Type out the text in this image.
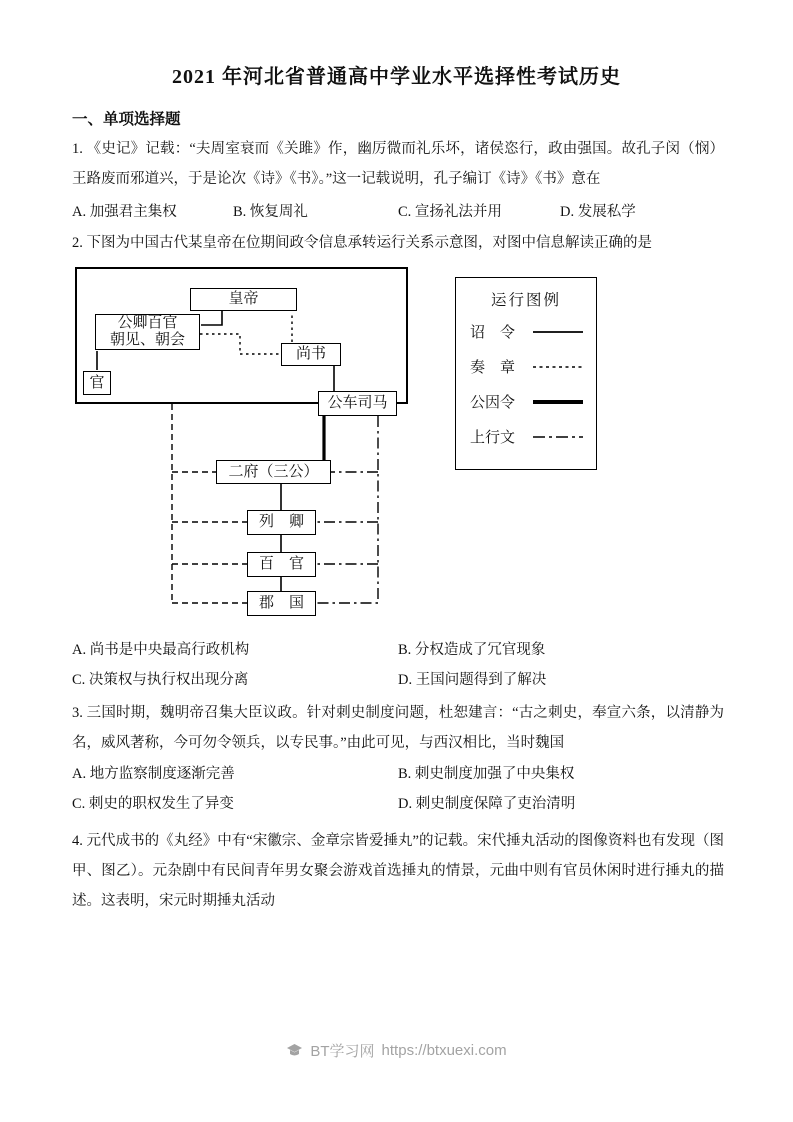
2021 年河北省普通高中学业水平选择性考试历史
一、单项选择题

1. 《史记》记载：“夫周室衰而《关雎》作，幽厉微而礼乐坏，诸侯恣行，政由强国。故孔子闵（悯）王路废而邪道兴，于是论次《诗》《书》。”这一记载说明，孔子编订《诗》《书》意在

A. 加强君主集权	B. 恢复周礼	C. 宣扬礼法并用	D. 发展私学

2. 下图为中国古代某皇帝在位期间政令信息承转运行关系示意图，对图中信息解读正确的是

皇帝
公卿百官
朝见、朝会
官
尚书
公车司马
二府（三公）
列　卿
百　官
郡　国
运行图例
诏　令
奏　章
公因令
上行文
A. 尚书是中央最高行政机构	B. 分权造成了冗官现象
C. 决策权与执行权出现分离	D. 王国问题得到了解决

3. 三国时期，魏明帝召集大臣议政。针对刺史制度问题，杜恕建言：“古之刺史，奉宣六条，以清静为名，威风著称，今可勿令领兵，以专民事。”由此可见，与西汉相比，当时魏国

A. 地方监察制度逐渐完善	B. 刺史制度加强了中央集权
C. 刺史的职权发生了异变	D. 刺史制度保障了吏治清明

4. 元代成书的《丸经》中有“宋徽宗、金章宗皆爱捶丸”的记载。宋代捶丸活动的图像资料也有发现（图甲、图乙）。元杂剧中有民间青年男女聚会游戏首选捶丸的情景，元曲中则有官员休闲时进行捶丸的描述。这表明，宋元时期捶丸活动

BT学习网 https://btxuexi.com
